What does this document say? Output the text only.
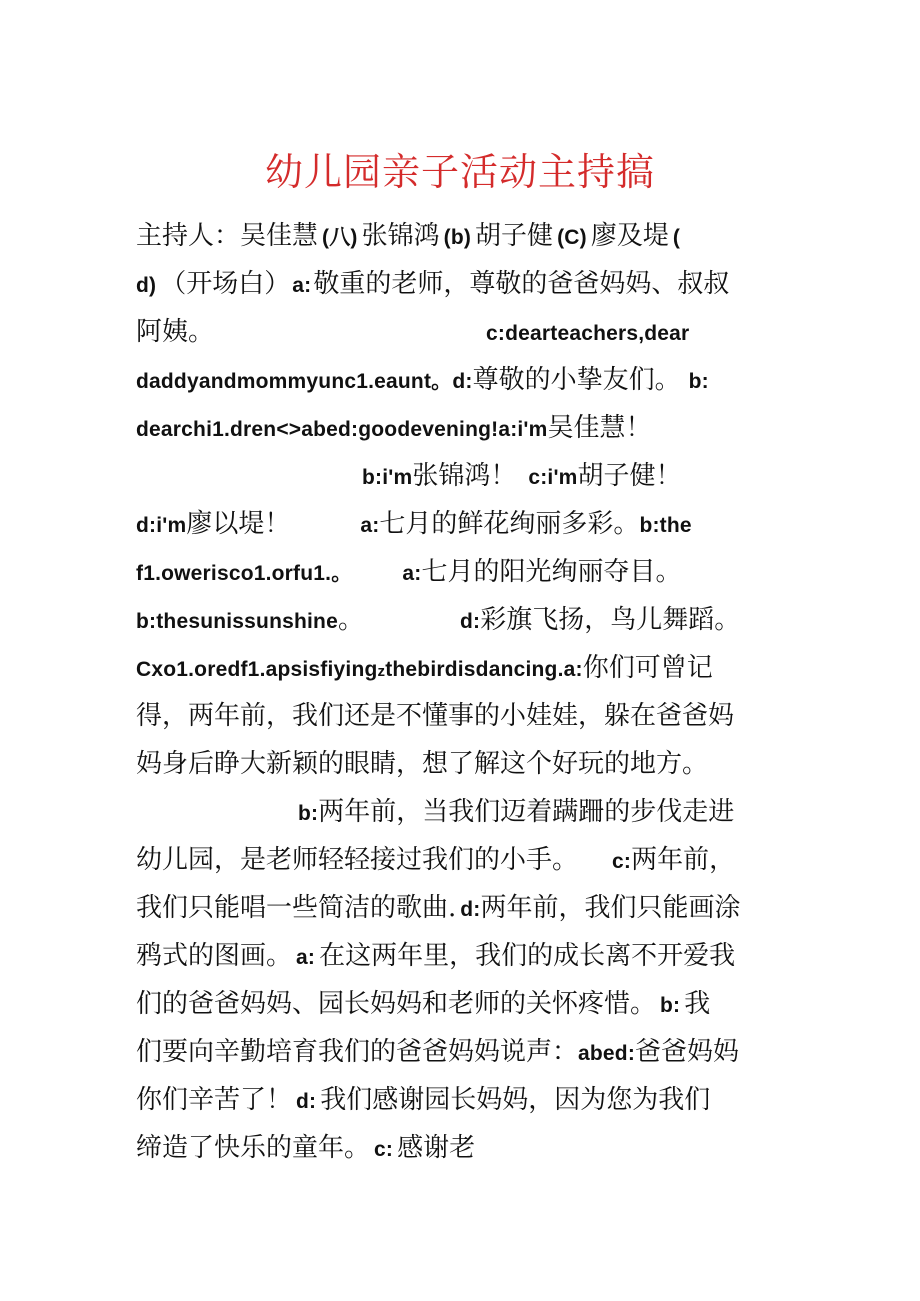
幼儿园亲子活动主持搞
主持人：吴佳慧 (八) 张锦鸿 (b) 胡子健 (C) 廖及堤 (
d) （开场白）a:敬重的老师，尊敬的爸爸妈妈、叔叔
阿姨。	c:dearteachers,dear
daddyandmommyunc1.eaunt。d:尊敬的小挚友们。 b:
dearchi1.dren<>abed:goodevening!a:i'm吴佳慧！
b:i'm张锦鸿！ c:i'm胡子健！
d:i'm廖以堤！	a:七月的鲜花绚丽多彩。b:the
f1.owerisco1.orfu1.。 a:七月的阳光绚丽夺目。
b:thesunissunshine。	d:彩旗飞扬，鸟儿舞蹈。
Cxo1.oredf1.apsisfiyingzthebirdisdancing.a:你们可曾记
得，两年前，我们还是不懂事的小娃娃，躲在爸爸妈
妈身后睁大新颖的眼睛，想了解这个好玩的地方。
b:两年前，当我们迈着蹒跚的步伐走进
幼儿园，是老师轻轻接过我们的小手。 c:两年前，
我们只能唱一些简洁的歌曲. d:两年前，我们只能画涂
鸦式的图画。 a: 在这两年里，我们的成长离不开爱我
们的爸爸妈妈、园长妈妈和老师的关怀疼惜。 b: 我
们要向辛勤培育我们的爸爸妈妈说声：abed:爸爸妈妈
你们辛苦了！ d: 我们感谢园长妈妈，因为您为我们
缔造了快乐的童年。 c: 感谢老
